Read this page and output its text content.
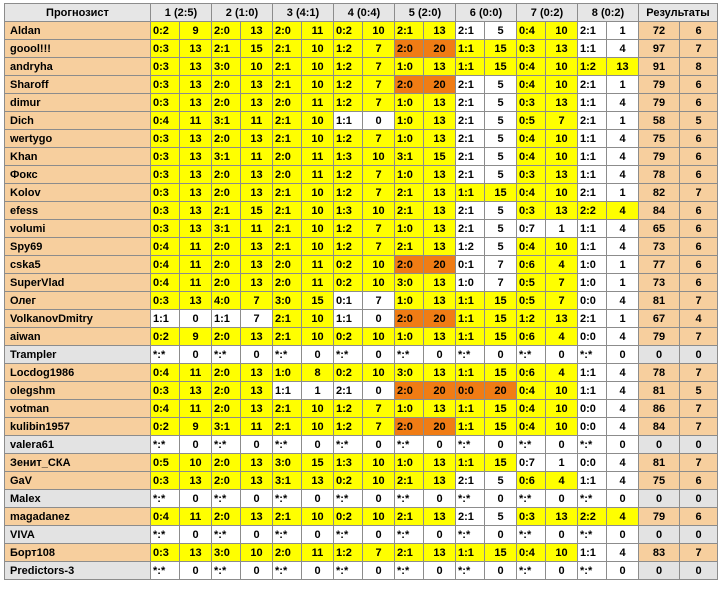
Прогнозист	1 (2:5)		2 (1:0)		3 (4:1)		4 (0:4)		5 (2:0)		6 (0:0)		7 (0:2)		8 (0:2)		Результаты	
Aldan	0:2	9	2:0	13	2:0	11	0:2	10	2:1	13	2:1	5	0:4	10	2:1	1	72	6
goool!!!	0:3	13	2:1	15	2:1	10	1:2	7	2:0	20	1:1	15	0:3	13	1:1	4	97	7
andryha	0:3	13	3:0	10	2:1	10	1:2	7	1:0	13	1:1	15	0:4	10	1:2	13	91	8
Sharoff	0:3	13	2:0	13	2:1	10	1:2	7	2:0	20	2:1	5	0:4	10	2:1	1	79	6
dimur	0:3	13	2:0	13	2:0	11	1:2	7	1:0	13	2:1	5	0:3	13	1:1	4	79	6
Dich	0:4	11	3:1	11	2:1	10	1:1	0	1:0	13	2:1	5	0:5	7	2:1	1	58	5
wertygo	0:3	13	2:0	13	2:1	10	1:2	7	1:0	13	2:1	5	0:4	10	1:1	4	75	6
Khan	0:3	13	3:1	11	2:0	11	1:3	10	3:1	15	2:1	5	0:4	10	1:1	4	79	6
Фокс	0:3	13	2:0	13	2:0	11	1:2	7	1:0	13	2:1	5	0:3	13	1:1	4	78	6
Kolov	0:3	13	2:0	13	2:1	10	1:2	7	2:1	13	1:1	15	0:4	10	2:1	1	82	7
efess	0:3	13	2:1	15	2:1	10	1:3	10	2:1	13	2:1	5	0:3	13	2:2	4	84	6
volumi	0:3	13	3:1	11	2:1	10	1:2	7	1:0	13	2:1	5	0:7	1	1:1	4	65	6
Spy69	0:4	11	2:0	13	2:1	10	1:2	7	2:1	13	1:2	5	0:4	10	1:1	4	73	6
cska5	0:4	11	2:0	13	2:0	11	0:2	10	2:0	20	0:1	7	0:6	4	1:0	1	77	6
SuperVlad	0:4	11	2:0	13	2:0	11	0:2	10	3:0	13	1:0	7	0:5	7	1:0	1	73	6
Олег	0:3	13	4:0	7	3:0	15	0:1	7	1:0	13	1:1	15	0:5	7	0:0	4	81	7
VolkanovDmitry	1:1	0	1:1	7	2:1	10	1:1	0	2:0	20	1:1	15	1:2	13	2:1	1	67	4
aiwan	0:2	9	2:0	13	2:1	10	0:2	10	1:0	13	1:1	15	0:6	4	0:0	4	79	7
Trampler	*:*	0	*:*	0	*:*	0	*:*	0	*:*	0	*:*	0	*:*	0	*:*	0	0	0
Locdog1986	0:4	11	2:0	13	1:0	8	0:2	10	3:0	13	1:1	15	0:6	4	1:1	4	78	7
olegshm	0:3	13	2:0	13	1:1	1	2:1	0	2:0	20	0:0	20	0:4	10	1:1	4	81	5
votman	0:4	11	2:0	13	2:1	10	1:2	7	1:0	13	1:1	15	0:4	10	0:0	4	86	7
kulibin1957	0:2	9	3:1	11	2:1	10	1:2	7	2:0	20	1:1	15	0:4	10	0:0	4	84	7
valera61	*:*	0	*:*	0	*:*	0	*:*	0	*:*	0	*:*	0	*:*	0	*:*	0	0	0
Зенит_СКА	0:5	10	2:0	13	3:0	15	1:3	10	1:0	13	1:1	15	0:7	1	0:0	4	81	7
GaV	0:3	13	2:0	13	3:1	13	0:2	10	2:1	13	2:1	5	0:6	4	1:1	4	75	6
Malex	*:*	0	*:*	0	*:*	0	*:*	0	*:*	0	*:*	0	*:*	0	*:*	0	0	0
magadanez	0:4	11	2:0	13	2:1	10	0:2	10	2:1	13	2:1	5	0:3	13	2:2	4	79	6
VIVA	*:*	0	*:*	0	*:*	0	*:*	0	*:*	0	*:*	0	*:*	0	*:*	0	0	0
Борт108	0:3	13	3:0	10	2:0	11	1:2	7	2:1	13	1:1	15	0:4	10	1:1	4	83	7
Predictors-3	*:*	0	*:*	0	*:*	0	*:*	0	*:*	0	*:*	0	*:*	0	*:*	0	0	0
